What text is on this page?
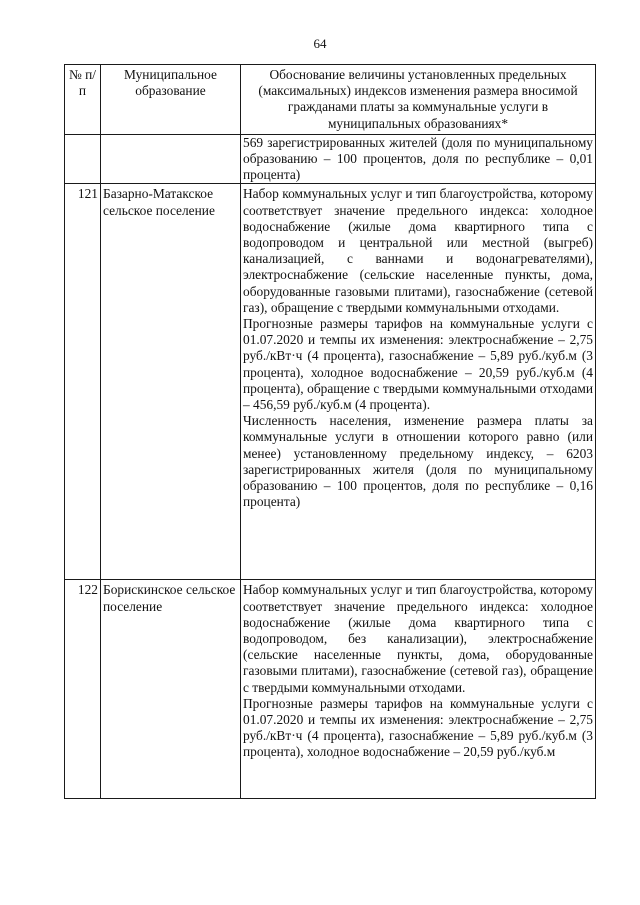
64
№ п/п	Муниципальное образование	Обоснование величины установленных предельных (максимальных) индексов изменения размера вносимой гражданами платы за коммунальные услуги в муниципальных образованиях*

		569 зарегистрированных жителей (доля по муниципальному образованию – 100 процентов, доля по республике – 0,01 процента)

121	Базарно-Матакское сельское поселение	Набор коммунальных услуг и тип благоустройства, которому соответствует значение предельного индекса: холодное водоснабжение (жилые дома квартирного типа с водопроводом и центральной или местной (выгреб) канализацией, с ваннами и водонагревателями), электроснабжение (сельские населенные пункты, дома, оборудованные газовыми плитами), газоснабжение (сетевой газ), обращение с твердыми коммунальными отходами.

Прогнозные размеры тарифов на коммунальные услуги с 01.07.2020 и темпы их изменения: электроснабжение – 2,75 руб./кВт·ч (4 процента), газоснабжение – 5,89 руб./куб.м (3 процента), холодное водоснабжение – 20,59 руб./куб.м (4 процента), обращение с твердыми коммунальными отходами – 456,59 руб./куб.м (4 процента).

Численность населения, изменение размера платы за коммунальные услуги в отношении которого равно (или менее) установленному предельному индексу, – 6203 зарегистрированных жителя (доля по муниципальному образованию – 100 процентов, доля по республике – 0,16 процента)

122	Борискинское сельское поселение	Набор коммунальных услуг и тип благоустройства, которому соответствует значение предельного индекса: холодное водоснабжение (жилые дома квартирного типа с водопроводом, без канализации), электроснабжение (сельские населенные пункты, дома, оборудованные газовыми плитами), газоснабжение (сетевой газ), обращение с твердыми коммунальными отходами.

Прогнозные размеры тарифов на коммунальные услуги с 01.07.2020 и темпы их изменения: электроснабжение – 2,75 руб./кВт·ч (4 процента), газоснабжение – 5,89 руб./куб.м (3 процента), холодное водоснабжение – 20,59 руб./куб.м
